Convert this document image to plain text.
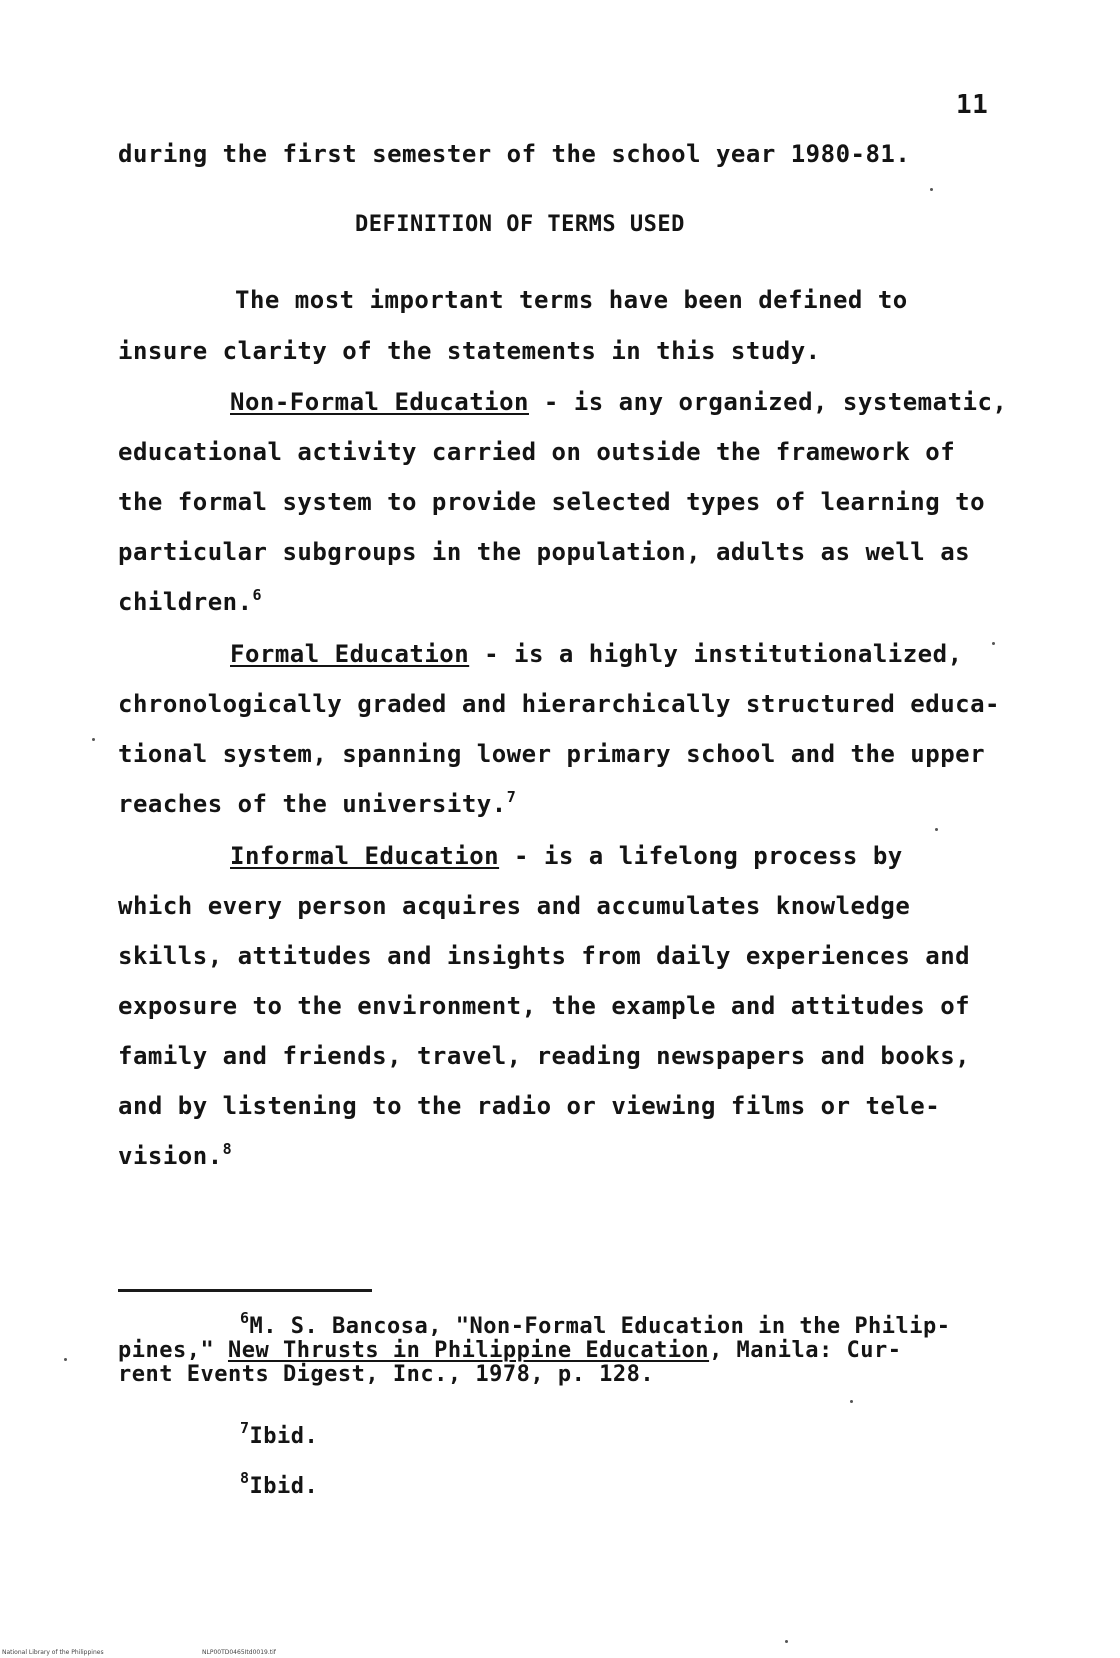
11
during the first semester of the school year 1980-81.
DEFINITION OF TERMS USED
The most important terms have been defined to
insure clarity of the statements in this study.
Non-Formal Education - is any organized, systematic,
educational activity carried on outside the framework of
the formal system to provide selected types of learning to
particular subgroups in the population, adults as well as
children.$^6$
Formal Education - is a highly institutionalized,
chronologically graded and hierarchically structured educa-
tional system, spanning lower primary school and the upper
reaches of the university.$^7$
Informal Education - is a lifelong process by
which every person acquires and accumulates knowledge
skills, attitudes and insights from daily experiences and
exposure to the environment, the example and attitudes of
family and friends, travel, reading newspapers and books,
and by listening to the radio or viewing films or tele-
vision.$^8$
$^6$M. S. Bancosa, "Non-Formal Education in the Philip-
pines," New Thrusts in Philippine Education, Manila: Cur-
rent Events Digest, Inc., 1978, p. 128.
$^7$Ibid.
$^8$Ibid.
National Library of the Philippines	NLP00TD0465Itd0019.tif
